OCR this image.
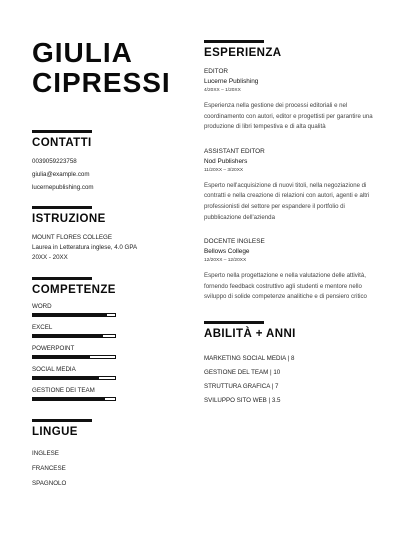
GIULIA
CIPRESSI
CONTATTI
0039059223758
giulia@example.com
lucernepublishing.com
ISTRUZIONE
MOUNT FLORES COLLEGE
Laurea in Letteratura inglese, 4.0 GPA
20XX - 20XX
COMPETENZE
WORD
EXCEL
POWERPOINT
SOCIAL MEDIA
GESTIONE DEI TEAM
LINGUE
INGLESE
FRANCESE
SPAGNOLO
ESPERIENZA
EDITOR
Lucerne Publishing
4/20XX – 1/20XX
Esperienza nella gestione dei processi editoriali e nel coordinamento con autori, editor e progettisti per garantire una produzione di libri tempestiva e di alta qualità
ASSISTANT EDITOR
Nod Publishers
11/20XX – 3/20XX
Esperto nell'acquisizione di nuovi titoli, nella negoziazione di contratti e nella creazione di relazioni con autori, agenti e altri professionisti del settore per espandere il portfolio di pubblicazione dell'azienda
DOCENTE INGLESE
Bellows College
12/20XX – 12/20XX
Esperto nella progettazione e nella valutazione delle attività, fornendo feedback costruttivo agli studenti e mentore nello sviluppo di solide competenze analitiche e di pensiero critico
ABILITÀ + ANNI
MARKETING SOCIAL MEDIA | 8
GESTIONE DEL TEAM | 10
STRUTTURA GRAFICA | 7
SVILUPPO SITO WEB | 3.5
